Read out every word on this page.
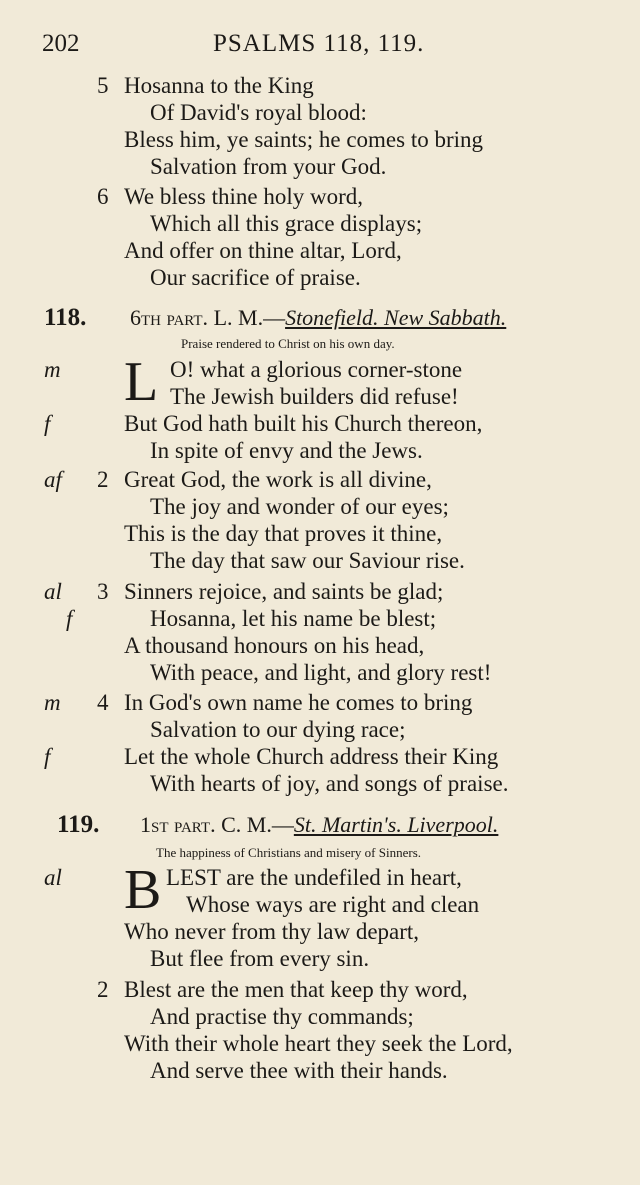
202	PSALMS 118, 119.
5 Hosanna to the King
Of David's royal blood:
Bless him, ye saints; he comes to bring
Salvation from your God.
6 We bless thine holy word,
Which all this grace displays;
And offer on thine altar, Lord,
Our sacrifice of praise.
118. 6th part. L. M.—Stonefield. New Sabbath.
Praise rendered to Christ on his own day.
m L O! what a glorious corner-stone
The Jewish builders did refuse!
f	But God hath built his Church thereon,
In spite of envy and the Jews.
af 2 Great God, the work is all divine,
The joy and wonder of our eyes;
This is the day that proves it thine,
The day that saw our Saviour rise.
al 3 Sinners rejoice, and saints be glad;
f	Hosanna, let his name be blest;
A thousand honours on his head,
With peace, and light, and glory rest!
m 4 In God's own name he comes to bring
Salvation to our dying race;
f	Let the whole Church address their King
With hearts of joy, and songs of praise.
119. 1st part. C. M.—St. Martin's. Liverpool.
The happiness of Christians and misery of Sinners.
al B LEST are the undefiled in heart,
Whose ways are right and clean
Who never from thy law depart,
But flee from every sin.
2 Blest are the men that keep thy word,
And practise thy commands;
With their whole heart they seek the Lord,
And serve thee with their hands.
